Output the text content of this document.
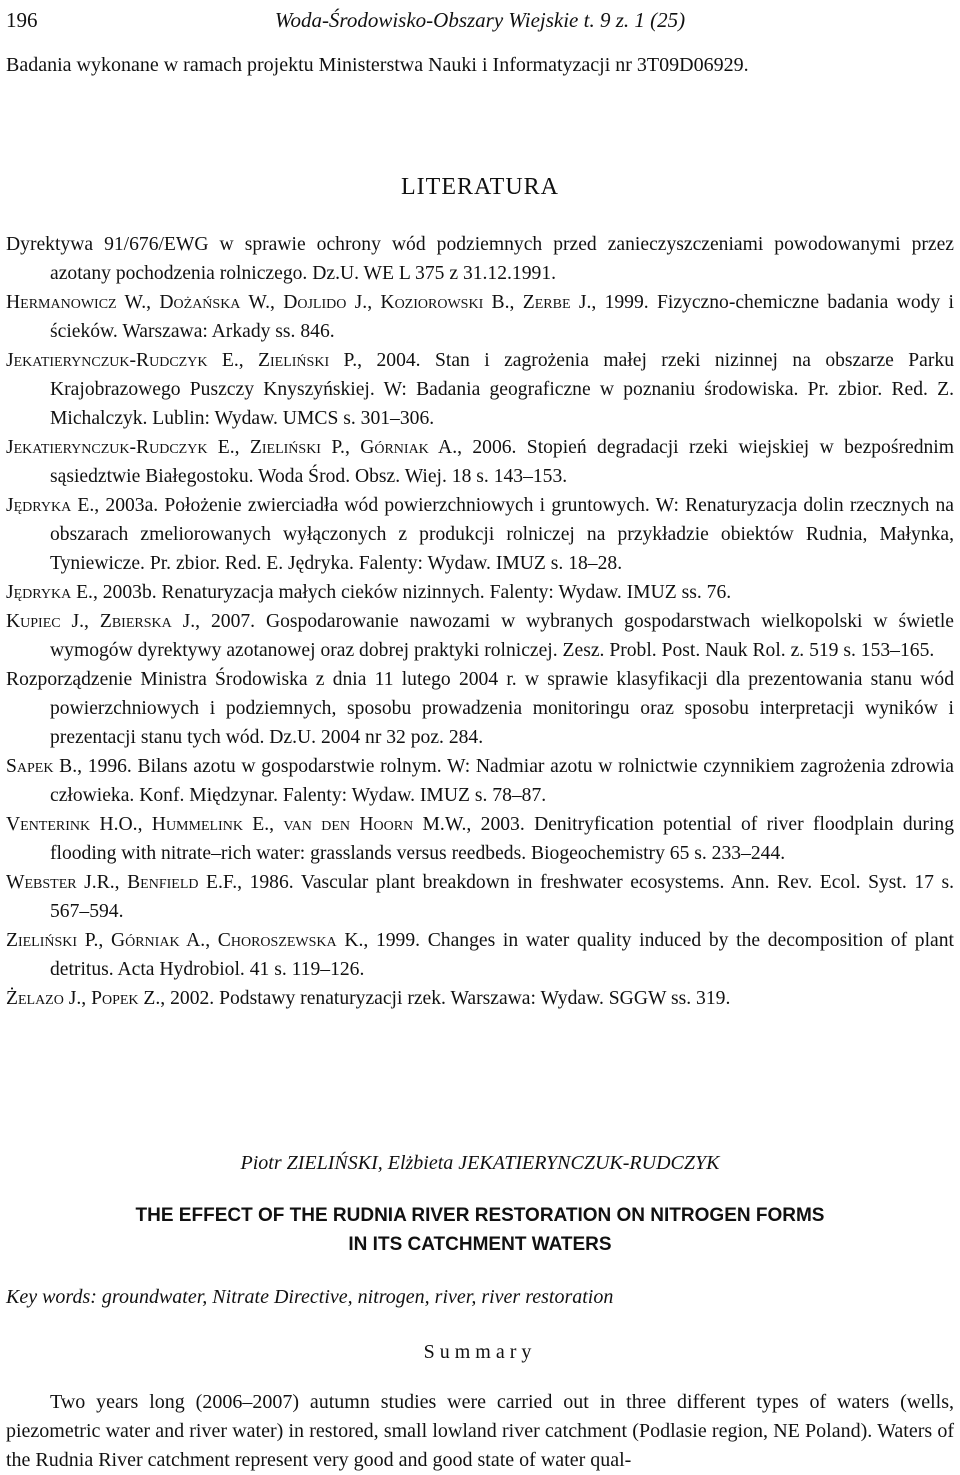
196	Woda-Środowisko-Obszary Wiejskie t. 9 z. 1 (25)
Badania wykonane w ramach projektu Ministerstwa Nauki i Informatyzacji nr 3T09D06929.
LITERATURA
Dyrektywa 91/676/EWG w sprawie ochrony wód podziemnych przed zanieczyszczeniami powodowanymi przez azotany pochodzenia rolniczego. Dz.U. WE L 375 z 31.12.1991.
Hermanowicz W., Dożańska W., Dojlido J., Koziorowski B., Zerbe J., 1999. Fizyczno-chemiczne badania wody i ścieków. Warszawa: Arkady ss. 846.
Jekatierynczuk-Rudczyk E., Zieliński P., 2004. Stan i zagrożenia małej rzeki nizinnej na obszarze Parku Krajobrazowego Puszczy Knyszyńskiej. W: Badania geograficzne w poznaniu środowiska. Pr. zbior. Red. Z. Michalczyk. Lublin: Wydaw. UMCS s. 301–306.
Jekatierynczuk-Rudczyk E., Zieliński P., Górniak A., 2006. Stopień degradacji rzeki wiejskiej w bezpośrednim sąsiedztwie Białegostoku. Woda Środ. Obsz. Wiej. 18 s. 143–153.
Jędryka E., 2003a. Położenie zwierciadła wód powierzchniowych i gruntowych. W: Renaturyzacja dolin rzecznych na obszarach zmeliorowanych wyłączonych z produkcji rolniczej na przykładzie obiektów Rudnia, Małynka, Tyniewicze. Pr. zbior. Red. E. Jędryka. Falenty: Wydaw. IMUZ s. 18–28.
Jędryka E., 2003b. Renaturyzacja małych cieków nizinnych. Falenty: Wydaw. IMUZ ss. 76.
Kupiec J., Zbierska J., 2007. Gospodarowanie nawozami w wybranych gospodarstwach wielkopolski w świetle wymogów dyrektywy azotanowej oraz dobrej praktyki rolniczej. Zesz. Probl. Post. Nauk Rol. z. 519 s. 153–165.
Rozporządzenie Ministra Środowiska z dnia 11 lutego 2004 r. w sprawie klasyfikacji dla prezentowania stanu wód powierzchniowych i podziemnych, sposobu prowadzenia monitoringu oraz sposobu interpretacji wyników i prezentacji stanu tych wód. Dz.U. 2004 nr 32 poz. 284.
Sapek B., 1996. Bilans azotu w gospodarstwie rolnym. W: Nadmiar azotu w rolnictwie czynnikiem zagrożenia zdrowia człowieka. Konf. Międzynar. Falenty: Wydaw. IMUZ s. 78–87.
Venterink H.O., Hummelink E., van den Hoorn M.W., 2003. Denitryfication potential of river floodplain during flooding with nitrate–rich water: grasslands versus reedbeds. Biogeochemistry 65 s. 233–244.
Webster J.R., Benfield E.F., 1986. Vascular plant breakdown in freshwater ecosystems. Ann. Rev. Ecol. Syst. 17 s. 567–594.
Zieliński P., Górniak A., Choroszewska K., 1999. Changes in water quality induced by the decomposition of plant detritus. Acta Hydrobiol. 41 s. 119–126.
Żelazo J., Popek Z., 2002. Podstawy renaturyzacji rzek. Warszawa: Wydaw. SGGW ss. 319.
Piotr ZIELIŃSKI, Elżbieta JEKATIERYNCZUK-RUDCZYK
THE EFFECT OF THE RUDNIA RIVER RESTORATION ON NITROGEN FORMS
IN ITS CATCHMENT WATERS
Key words: groundwater, Nitrate Directive, nitrogen, river, river restoration
Summary
Two years long (2006–2007) autumn studies were carried out in three different types of waters (wells, piezometric water and river water) in restored, small lowland river catchment (Podlasie region, NE Poland). Waters of the Rudnia River catchment represent very good and good state of water qual-
